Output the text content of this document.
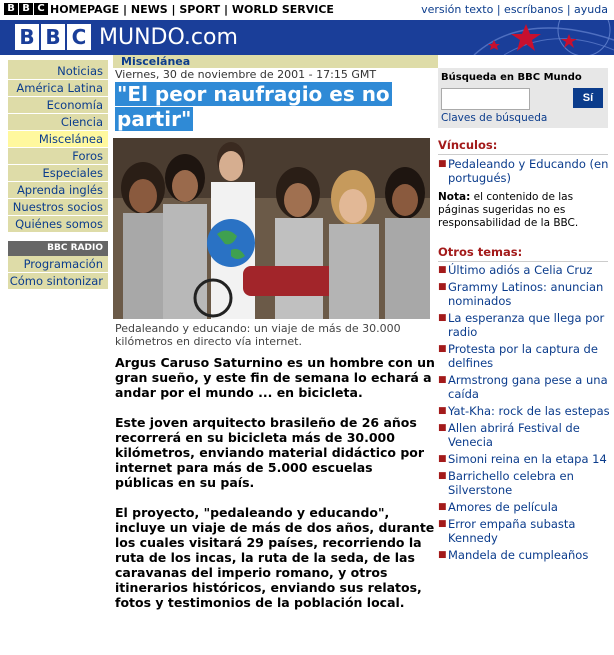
B B C HOMEPAGE | NEWS | SPORT | WORLD SERVICE	versión texto | escríbanos | ayuda
B B C MUNDO.com
Noticias
América Latina
Economía
Ciencia
Miscelánea
Foros
Especiales
Aprenda inglés
Nuestros socios
Quiénes somos
BBC RADIO
Programación
Cómo sintonizar
Miscelánea
Viernes, 30 de noviembre de 2001 - 17:15 GMT
"El peor naufragio es no
partir"
Pedaleando y educando: un viaje de más de 30.000 kilómetros en directo vía internet.

Argus Caruso Saturnino es un hombre con un gran sueño, y este fin de semana lo echará a andar por el mundo ... en bicicleta.

Este joven arquitecto brasileño de 26 años recorrerá en su bicicleta más de 30.000 kilómetros, enviando material didáctico por internet para más de 5.000 escuelas públicas en su país.

El proyecto, "pedaleando y educando", incluye un viaje de más de dos años, durante los cuales visitará 29 países, recorriendo la ruta de los incas, la ruta de la seda, de las caravanas del imperio romano, y otros itinerarios históricos, enviando sus relatos, fotos y testimonios de la población local.

Búsqueda en BBC Mundo
Sí
Claves de búsqueda
Vínculos:
■ Pedaleando y Educando (en portugués)
Nota: el contenido de las páginas sugeridas no es responsabilidad de la BBC.
Otros temas:
■ Último adiós a Celia Cruz
■ Grammy Latinos: anuncian nominados
■ La esperanza que llega por radio
■ Protesta por la captura de delfines
■ Armstrong gana pese a una caída
■ Yat-Kha: rock de las estepas
■ Allen abrirá Festival de Venecia
■ Simoni reina en la etapa 14
■ Barrichello celebra en Silverstone
■ Amores de película
■ Error empaña subasta Kennedy
■ Mandela de cumpleaños
